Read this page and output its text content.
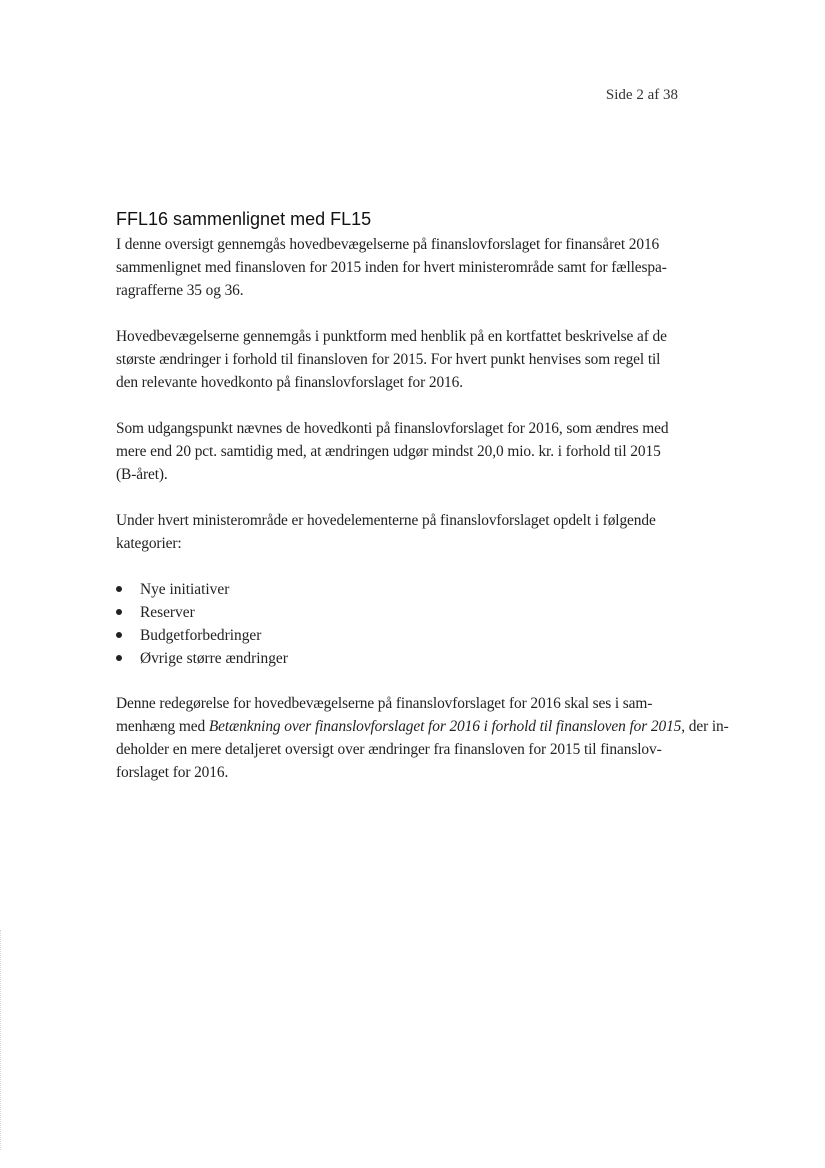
Side 2 af 38
FFL16 sammenlignet med FL15

I denne oversigt gennemgås hovedbevægelserne på finanslovforslaget for finansåret 2016
sammenlignet med finansloven for 2015 inden for hvert ministerområde samt for fællespa-
ragrafferne 35 og 36.

Hovedbevægelserne gennemgås i punktform med henblik på en kortfattet beskrivelse af de
største ændringer i forhold til finansloven for 2015. For hvert punkt henvises som regel til
den relevante hovedkonto på finanslovforslaget for 2016.

Som udgangspunkt nævnes de hovedkonti på finanslovforslaget for 2016, som ændres med
mere end 20 pct. samtidig med, at ændringen udgør mindst 20,0 mio. kr. i forhold til 2015
(B-året).

Under hvert ministerområde er hovedelementerne på finanslovforslaget opdelt i følgende
kategorier:

Nye initiativer
Reserver
Budgetforbedringer
Øvrige større ændringer

Denne redegørelse for hovedbevægelserne på finanslovforslaget for 2016 skal ses i sam-
menhæng med Betænkning over finanslovforslaget for 2016 i forhold til finansloven for 2015, der in-
deholder en mere detaljeret oversigt over ændringer fra finansloven for 2015 til finanslov-
forslaget for 2016.
